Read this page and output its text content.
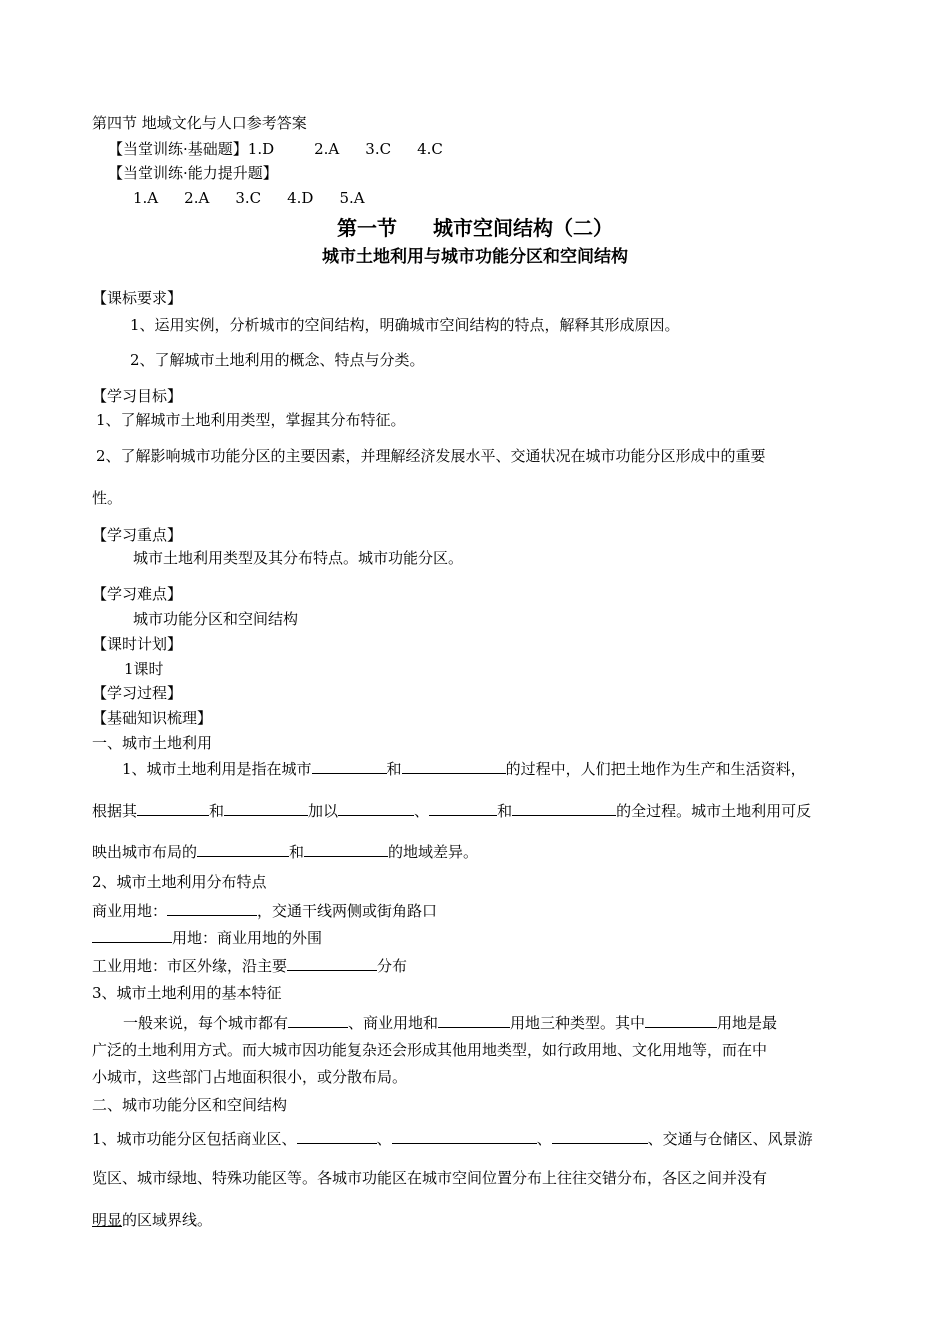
第四节 地域文化与人口参考答案
【当堂训练·基础题】1.D	2.A 3.C 4.C
【当堂训练·能力提升题】
1.A 2.A 3.C 4.D 5.A
第一节 城市空间结构（二）
城市土地利用与城市功能分区和空间结构
【课标要求】
1、运用实例，分析城市的空间结构，明确城市空间结构的特点，解释其形成原因。
2、了解城市土地利用的概念、特点与分类。
【学习目标】
1、了解城市土地利用类型，掌握其分布特征。
2、了解影响城市功能分区的主要因素，并理解经济发展水平、交通状况在城市功能分区形成中的重要
性。
【学习重点】
城市土地利用类型及其分布特点。城市功能分区。
【学习难点】
城市功能分区和空间结构
【课时计划】
1课时
【学习过程】
【基础知识梳理】
一、城市土地利用
1、城市土地利用是指在城市	和	的过程中，人们把土地作为生产和生活资料，
根据其	和	加以	、	和	的全过程。城市土地利用可反
映出城市布局的	和	的地域差异。
2、城市土地利用分布特点
商业用地：	，交通干线两侧或街角路口
用地：商业用地的外围
工业用地：市区外缘，沿主要	分布
3、城市土地利用的基本特征
一般来说，每个城市都有	、商业用地和	用地三种类型。其中	用地是最
广泛的土地利用方式。而大城市因功能复杂还会形成其他用地类型，如行政用地、文化用地等，而在中
小城市，这些部门占地面积很小，或分散布局。
二、城市功能分区和空间结构
1、城市功能分区包括商业区、	、	、	、交通与仓储区、风景游
览区、城市绿地、特殊功能区等。各城市功能区在城市空间位置分布上往往交错分布，各区之间并没有
明显的区域界线。
